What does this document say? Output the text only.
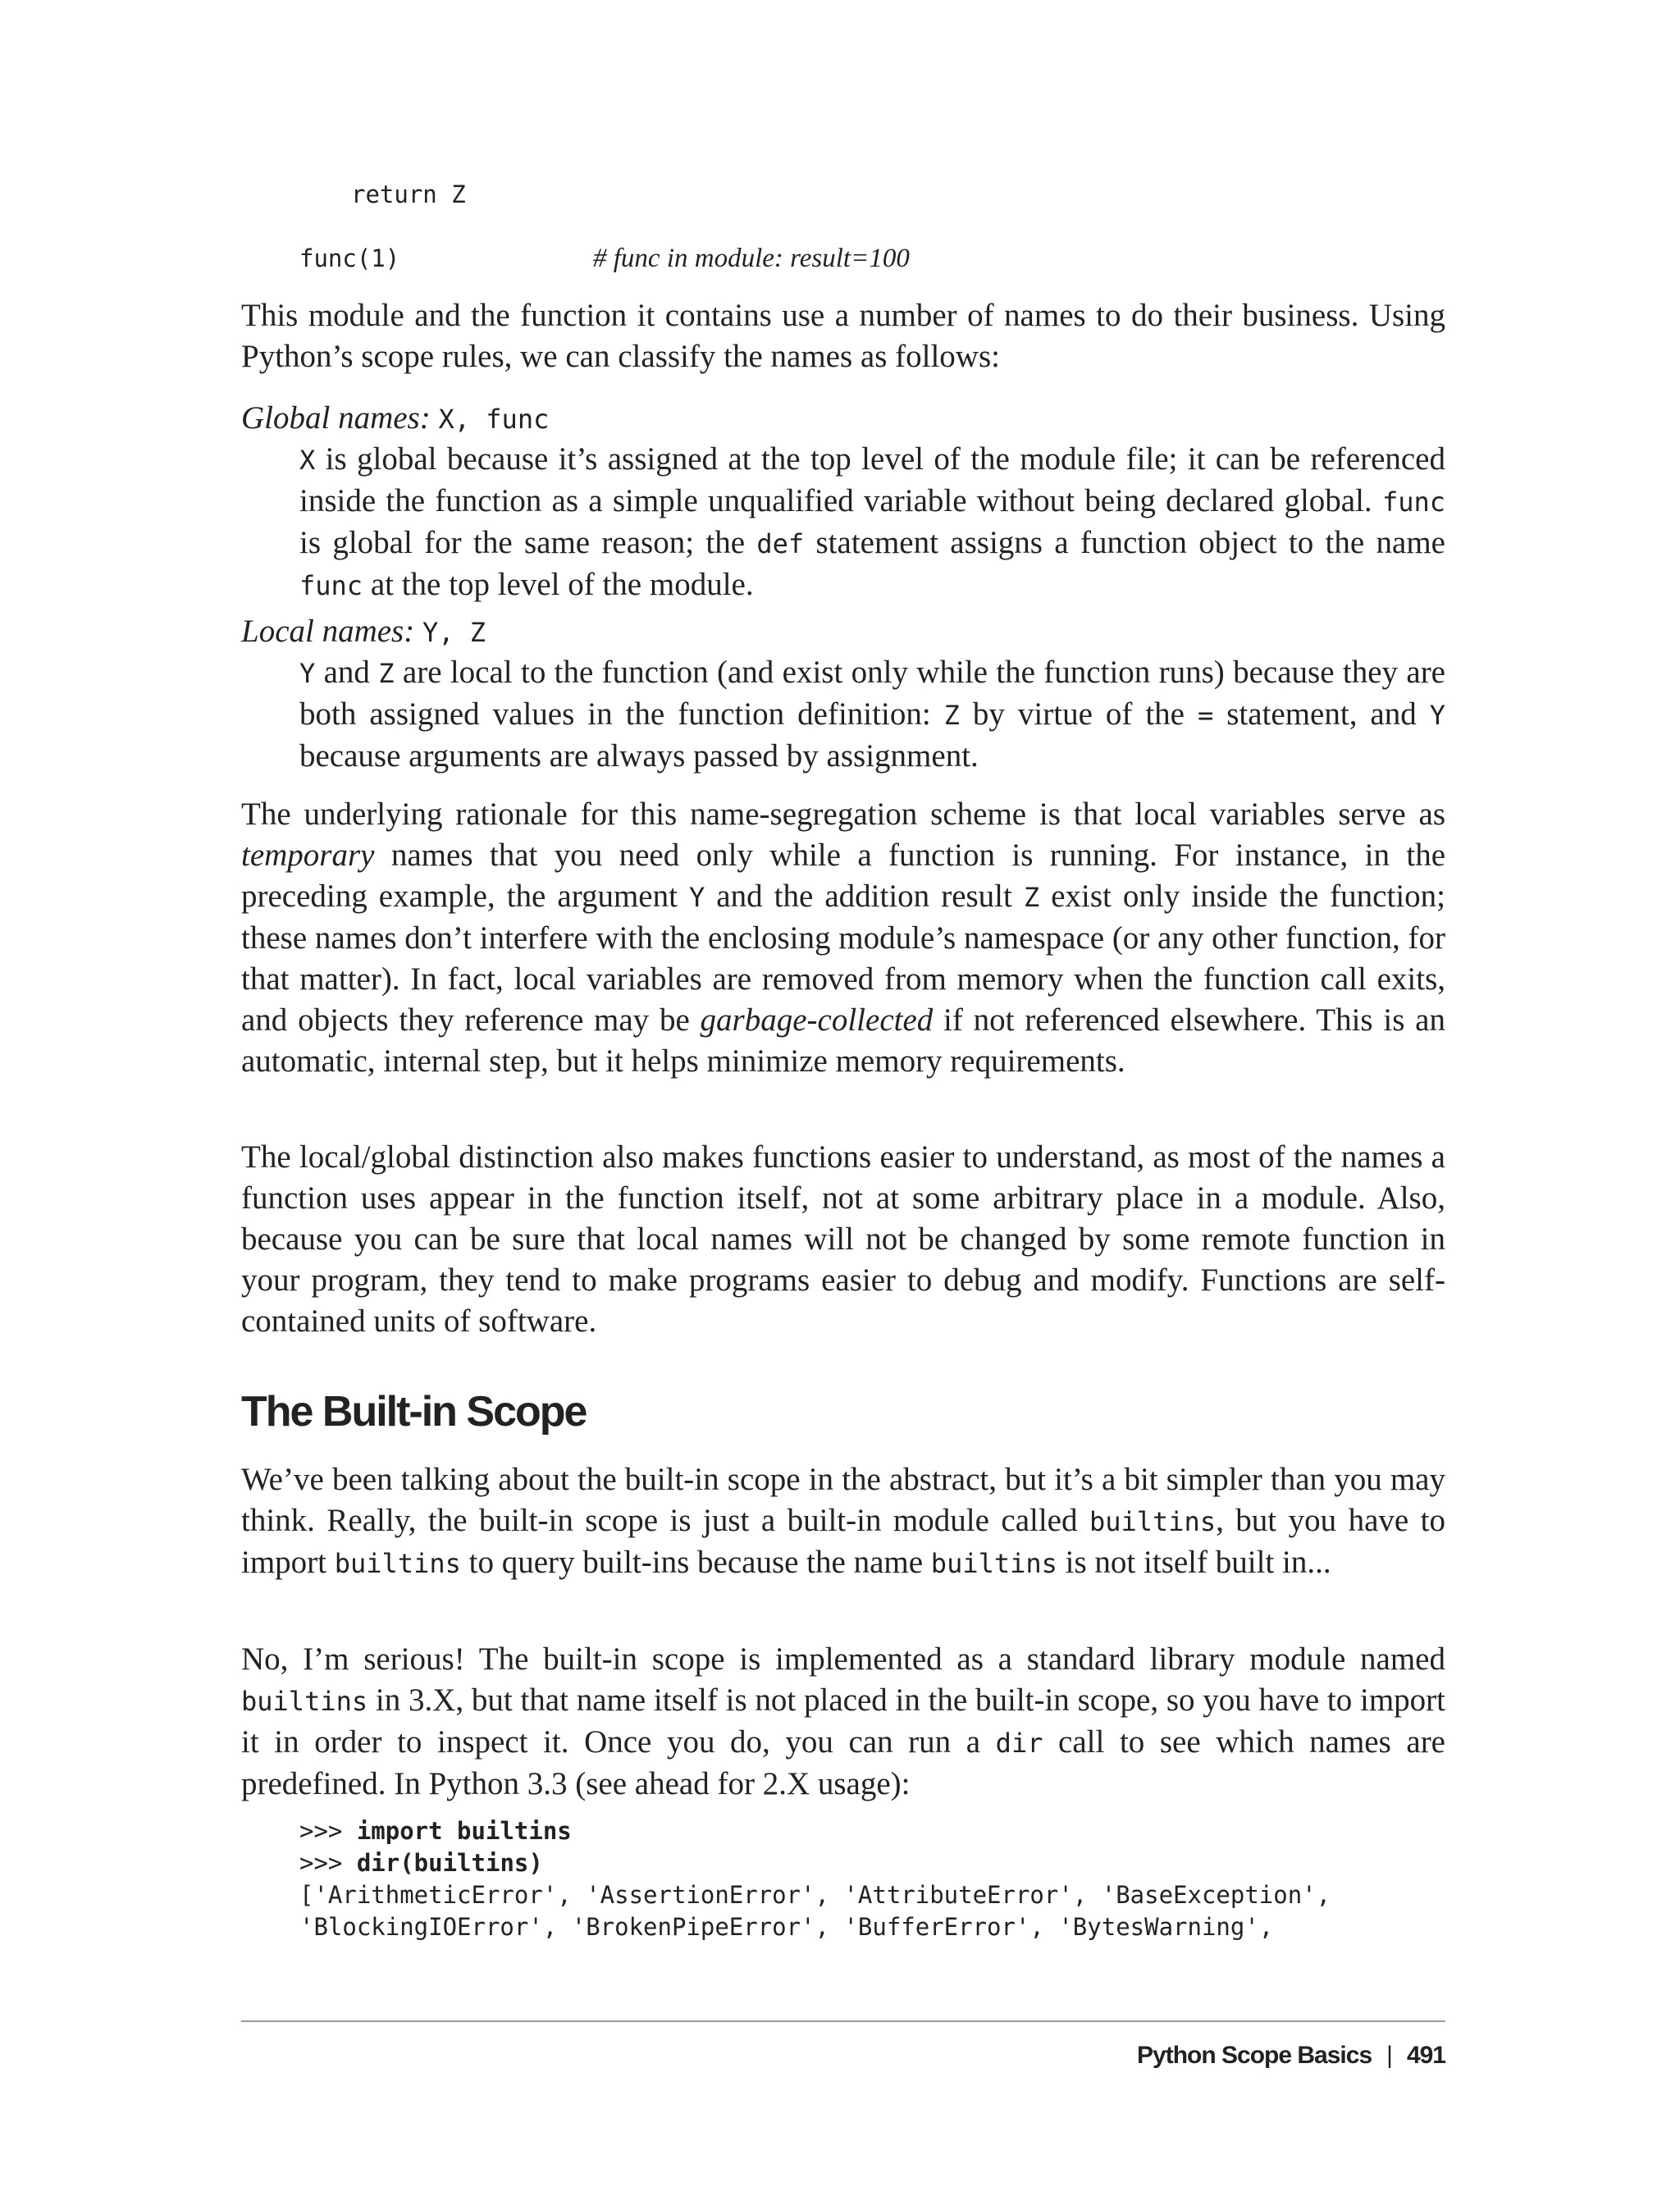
return Z
func(1)	# func in module: result=100

This module and the function it contains use a number of names to do their business. Using Python’s scope rules, we can classify the names as follows:

Global names: X, func

X is global because it’s assigned at the top level of the module file; it can be referenced inside the function as a simple unqualified variable without being declared global. func is global for the same reason; the def statement assigns a function object to the name func at the top level of the module.

Local names: Y, Z

Y and Z are local to the function (and exist only while the function runs) because they are both assigned values in the function definition: Z by virtue of the = statement, and Y because arguments are always passed by assignment.

The underlying rationale for this name-segregation scheme is that local variables serve as temporary names that you need only while a function is running. For instance, in the preceding example, the argument Y and the addition result Z exist only inside the function; these names don’t interfere with the enclosing module’s namespace (or any other function, for that matter). In fact, local variables are removed from memory when the function call exits, and objects they reference may be garbage-collected if not referenced elsewhere. This is an automatic, internal step, but it helps minimize memory requirements.

The local/global distinction also makes functions easier to understand, as most of the names a function uses appear in the function itself, not at some arbitrary place in a module. Also, because you can be sure that local names will not be changed by some remote function in your program, they tend to make programs easier to debug and modify. Functions are self-contained units of software.

The Built-in Scope

We’ve been talking about the built-in scope in the abstract, but it’s a bit simpler than you may think. Really, the built-in scope is just a built-in module called builtins, but you have to import builtins to query built-ins because the name builtins is not itself built in...

No, I’m serious! The built-in scope is implemented as a standard library module named builtins in 3.X, but that name itself is not placed in the built-in scope, so you have to import it in order to inspect it. Once you do, you can run a dir call to see which names are predefined. In Python 3.3 (see ahead for 2.X usage):

>>> import builtins
>>> dir(builtins)
['ArithmeticError', 'AssertionError', 'AttributeError', 'BaseException',
'BlockingIOError', 'BrokenPipeError', 'BufferError', 'BytesWarning',
Python Scope Basics | 491
